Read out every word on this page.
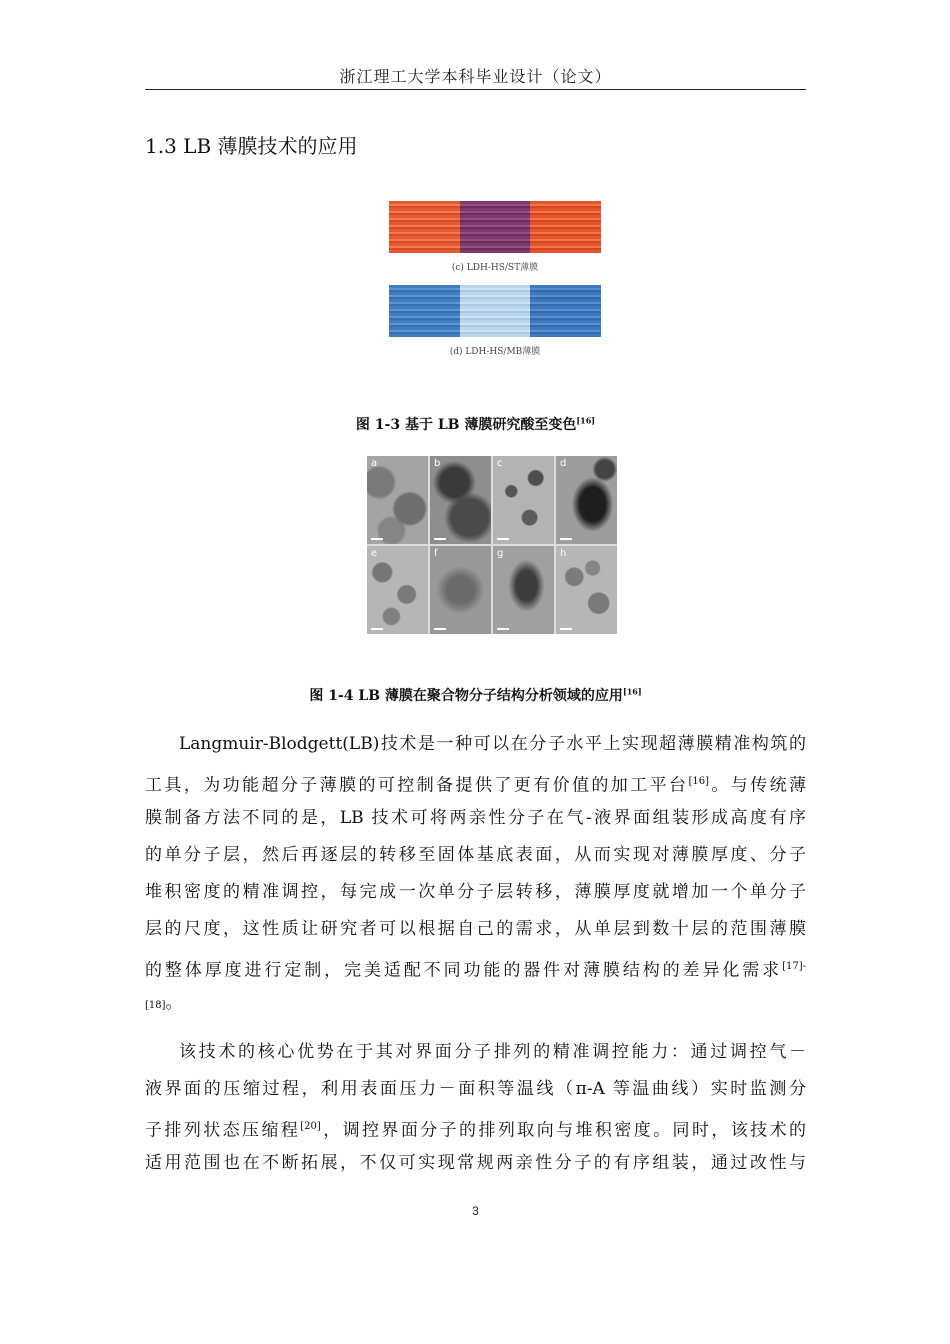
浙江理工大学本科毕业设计（论文）
1.3 LB 薄膜技术的应用
(c) LDH-HS/ST薄膜
(d) LDH-HS/MB薄膜
图 1-3 基于 LB 薄膜研究酸至变色[16]
a	b	c	d
e	f	g	h
图 1-4 LB 薄膜在聚合物分子结构分析领域的应用[16]
Langmuir-Blodgett(LB)技术是一种可以在分子水平上实现超薄膜精准构筑的
工具，为功能超分子薄膜的可控制备提供了更有价值的加工平台[16]。与传统薄
膜制备方法不同的是，LB 技术可将两亲性分子在气-液界面组装形成高度有序
的单分子层，然后再逐层的转移至固体基底表面，从而实现对薄膜厚度、分子
堆积密度的精准调控，每完成一次单分子层转移，薄膜厚度就增加一个单分子
层的尺度，这性质让研究者可以根据自己的需求，从单层到数十层的范围薄膜
的整体厚度进行定制，完美适配不同功能的器件对薄膜结构的差异化需求$^{[17]-}$
[18]。
该技术的核心优势在于其对界面分子排列的精准调控能力：通过调控气－
液界面的压缩过程，利用表面压力－面积等温线（π-A 等温曲线）实时监测分
子排列状态压缩程[20]，调控界面分子的排列取向与堆积密度。同时，该技术的
适用范围也在不断拓展，不仅可实现常规两亲性分子的有序组装，通过改性与
3
